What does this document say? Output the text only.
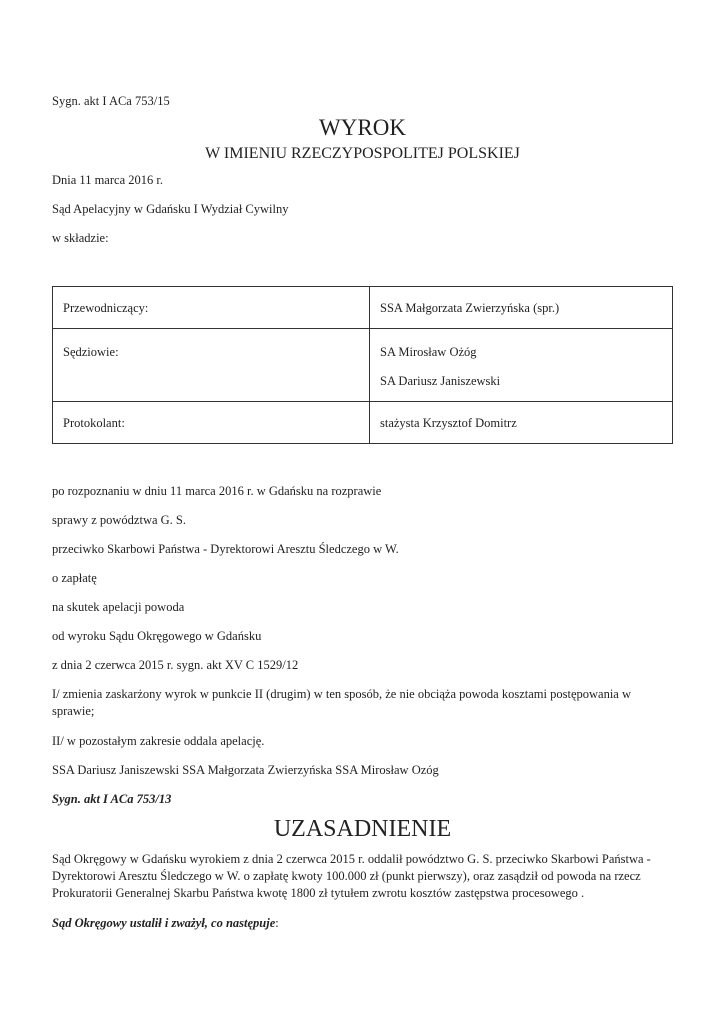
Sygn. akt I ACa 753/15
WYROK
W IMIENIU RZECZYPOSPOLITEJ POLSKIEJ
Dnia 11 marca 2016 r.
Sąd Apelacyjny w Gdańsku I Wydział Cywilny
w składzie:
Przewodniczący:	SSA Małgorzata Zwierzyńska (spr.)

Sędziowie:	SA Mirosław Ożóg
SA Dariusz Janiszewski

Protokolant:	stażysta Krzysztof Domitrz
po rozpoznaniu w dniu 11 marca 2016 r. w Gdańsku na rozprawie
sprawy z powództwa G. S.
przeciwko Skarbowi Państwa - Dyrektorowi Aresztu Śledczego w W.
o zapłatę
na skutek apelacji powoda
od wyroku Sądu Okręgowego w Gdańsku
z dnia 2 czerwca 2015 r. sygn. akt XV C 1529/12
I/ zmienia zaskarżony wyrok w punkcie II (drugim) w ten sposób, że nie obciąża powoda kosztami postępowania w sprawie;
II/ w pozostałym zakresie oddala apelację.
SSA Dariusz Janiszewski SSA Małgorzata Zwierzyńska SSA Mirosław Ozóg
Sygn. akt I ACa 753/13
UZASADNIENIE
Sąd Okręgowy w Gdańsku wyrokiem z dnia 2 czerwca 2015 r. oddalił powództwo G. S. przeciwko Skarbowi Państwa - Dyrektorowi Aresztu Śledczego w W. o zapłatę kwoty 100.000 zł (punkt pierwszy), oraz zasądził od powoda na rzecz Prokuratorii Generalnej Skarbu Państwa kwotę 1800 zł tytułem zwrotu kosztów zastępstwa procesowego .
Sąd Okręgowy ustalił i zważył, co następuje:
